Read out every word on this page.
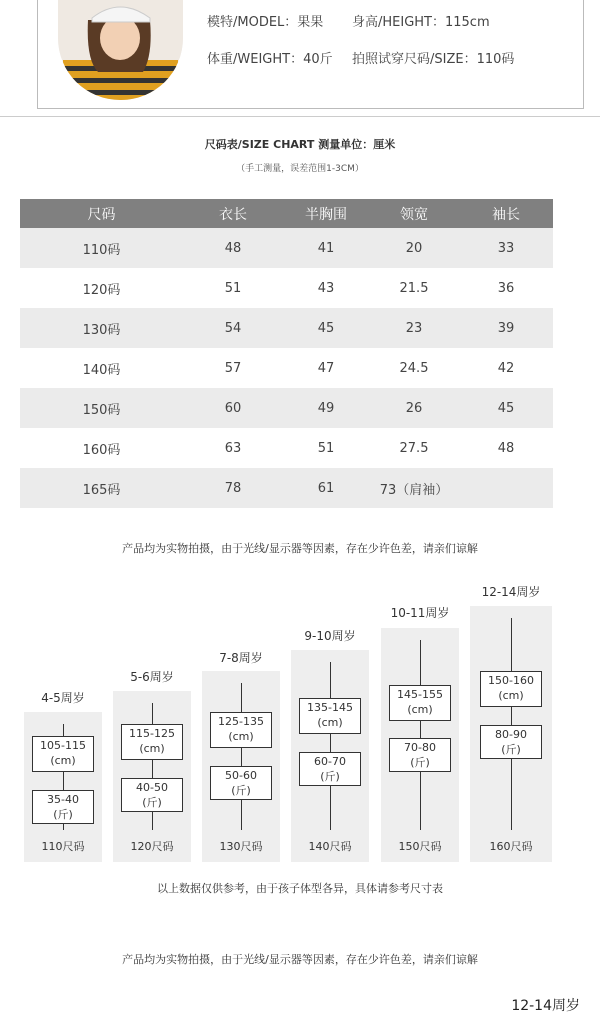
模特/MODEL：果果 身高/HEIGHT：115cm
体重/WEIGHT：40斤 拍照试穿尺码/SIZE：110码
尺码表/SIZE CHART 测量单位：厘米
（手工测量，误差范围1-3CM）
尺码	衣长	半胸围	领宽	袖长
110码	48	41	20	33
120码	51	43	21.5	36
130码	54	45	23	39
140码	57	47	24.5	42
150码	60	49	26	45
160码	63	51	27.5	48
165码	78	61	73（肩袖）
产品均为实物拍摄，由于光线/显示器等因素，存在少许色差，请亲们谅解
4-5周岁
105-115
(cm)
35-40
(斤)
110尺码
5-6周岁
115-125
(cm)
40-50
(斤)
120尺码
7-8周岁
125-135
(cm)
50-60
(斤)
130尺码
9-10周岁
135-145
(cm)
60-70
(斤)
140尺码
10-11周岁
145-155
(cm)
70-80
(斤)
150尺码
12-14周岁
150-160
(cm)
80-90
(斤)
160尺码
以上数据仅供参考，由于孩子体型各异，具体请参考尺寸表
产品均为实物拍摄，由于光线/显示器等因素，存在少许色差，请亲们谅解
12-14周岁
